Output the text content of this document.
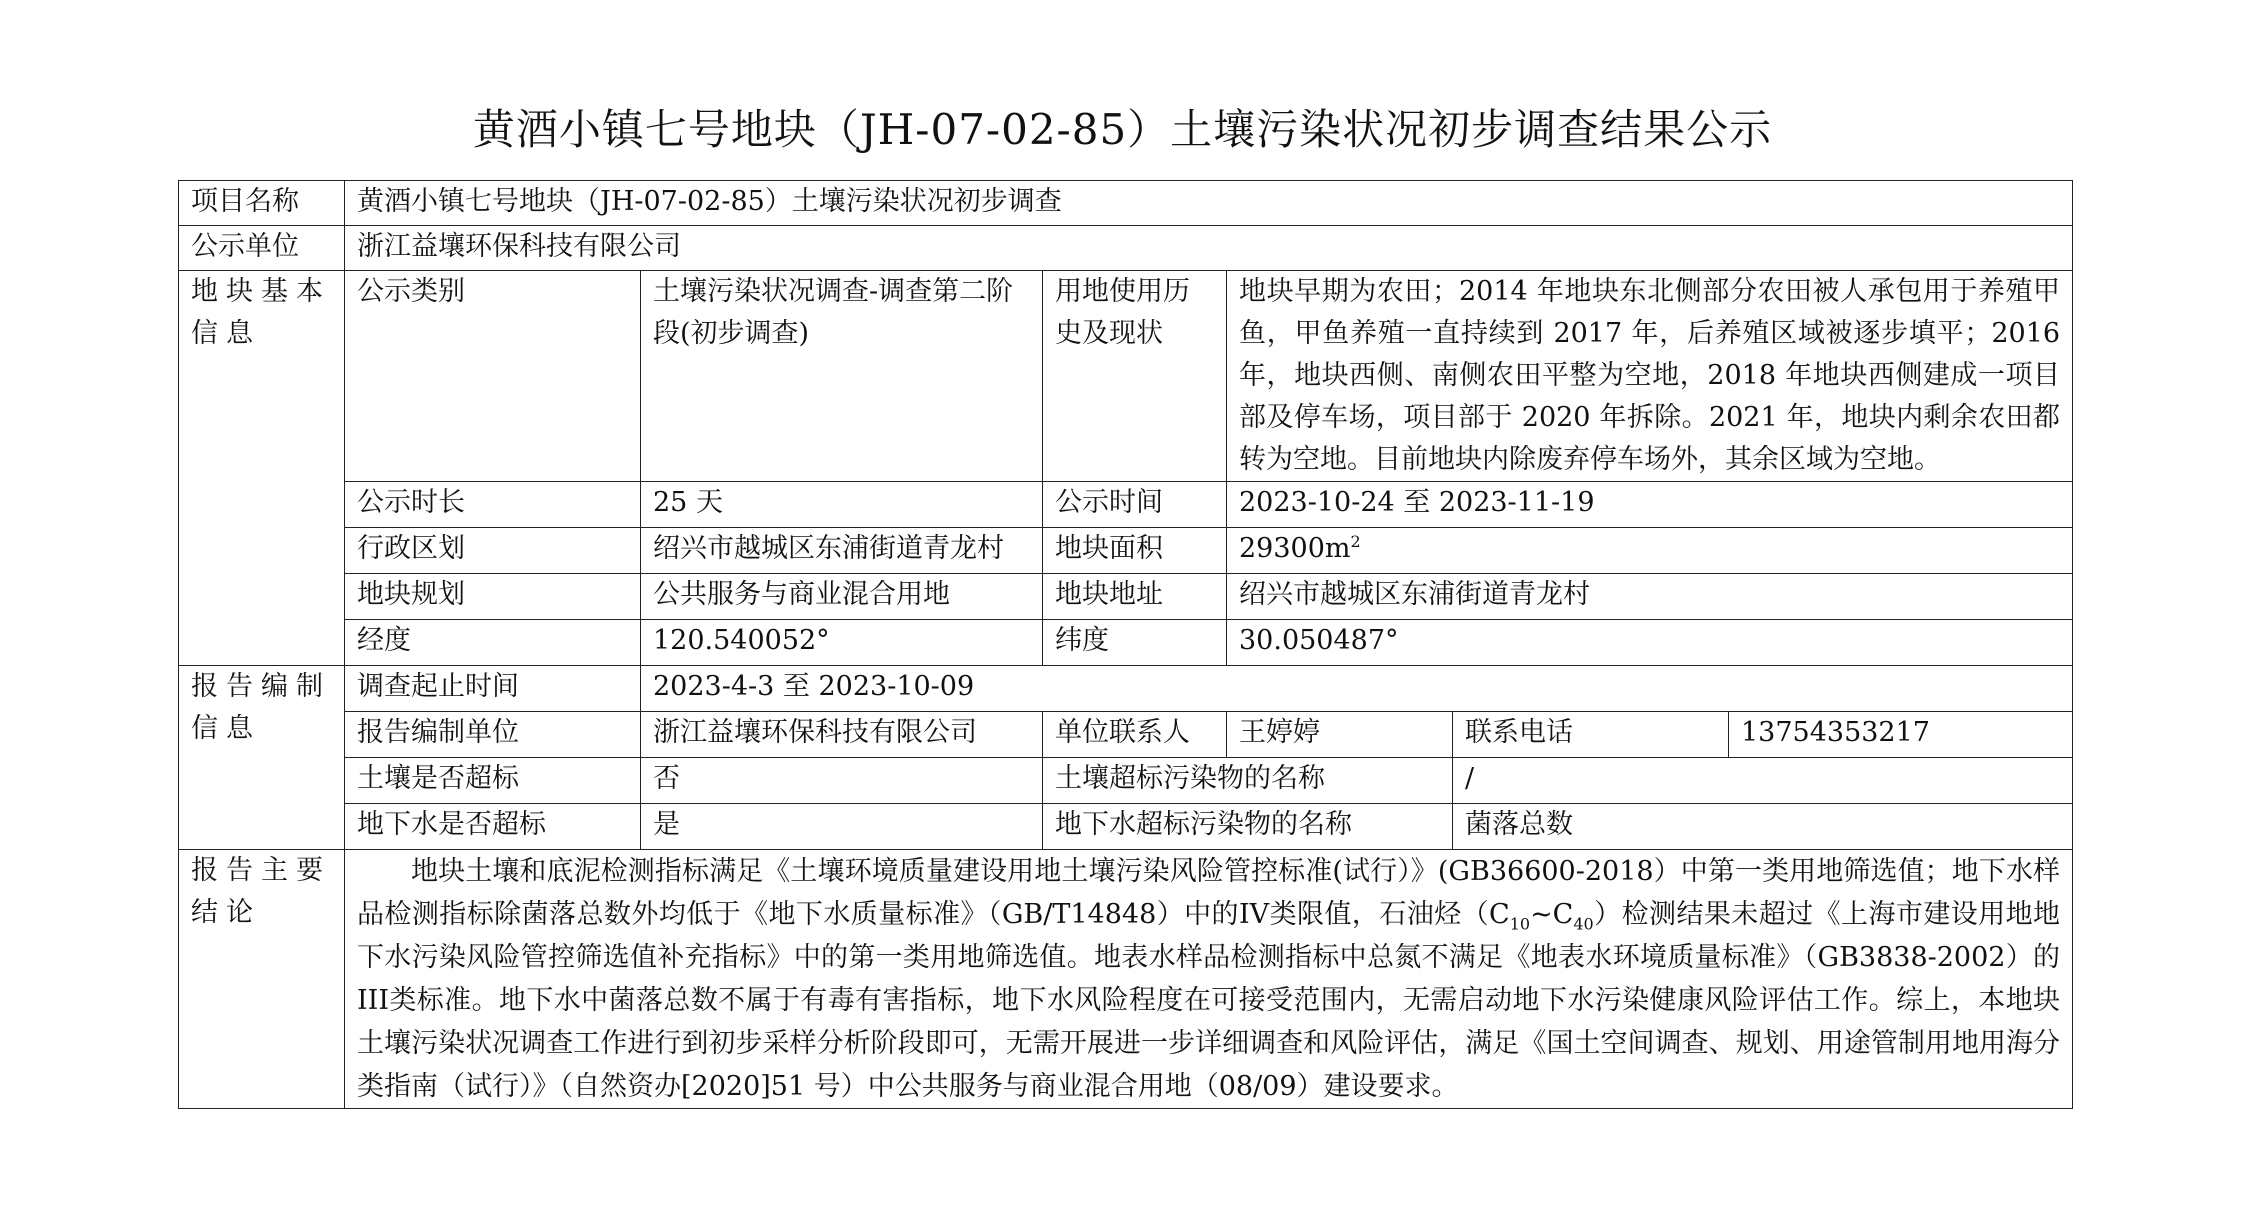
黄酒小镇七号地块（JH-07-02-85）土壤污染状况初步调查结果公示
项目名称	黄酒小镇七号地块（JH-07-02-85）土壤污染状况初步调查					
公示单位	浙江益壤环保科技有限公司					
地块基本信息	公示类别	土壤污染状况调查-调查第二阶段(初步调查)	用地使用历史及现状	地块早期为农田；2014 年地块东北侧部分农田被人承包用于养殖甲鱼，甲鱼养殖一直持续到 2017 年，后养殖区域被逐步填平；2016 年，地块西侧、南侧农田平整为空地，2018 年地块西侧建成一项目部及停车场，项目部于 2020 年拆除。2021 年，地块内剩余农田都转为空地。目前地块内除废弃停车场外，其余区域为空地。		
	公示时长	25 天	公示时间	2023-10-24 至 2023-11-19		
	行政区划	绍兴市越城区东浦街道青龙村	地块面积	$29300m^2$
	地块规划	公共服务与商业混合用地	地块地址	绍兴市越城区东浦街道青龙村		
	经度	120.540052°	纬度	30.050487°		
报告编制信息	调查起止时间	2023-4-3 至 2023-10-09				
	报告编制单位	浙江益壤环保科技有限公司	单位联系人	王婷婷	联系电话	13754353217
	土壤是否超标	否	土壤超标污染物的名称		/	
	地下水是否超标	是	地下水超标污染物的名称		菌落总数	
报告主要结论	地块土壤和底泥检测指标满足《土壤环境质量建设用地土壤污染风险管控标准(试行）》(GB36600-2018）中第一类用地筛选值；地下水样品检测指标除菌落总数外均低于《地下水质量标准》（GB/T14848）中的IV类限值，石油烃$(C_{10}\sim C_{40})$检测结果未超过《上海市建设用地地下水污染风险管控筛选值补充指标》中的第一类用地筛选值。地表水样品检测指标中总氮不满足《地表水环境质量标准》（GB3838-2002）的III类标准。地下水中菌落总数不属于有毒有害指标，地下水风险程度在可接受范围内，无需启动地下水污染健康风险评估工作。综上，本地块土壤污染状况调查工作进行到初步采样分析阶段即可，无需开展进一步详细调查和风险评估，满足《国土空间调查、规划、用途管制用地用海分类指南（试行）》（自然资办[2020]51 号）中公共服务与商业混合用地（08/09）建设要求。					
